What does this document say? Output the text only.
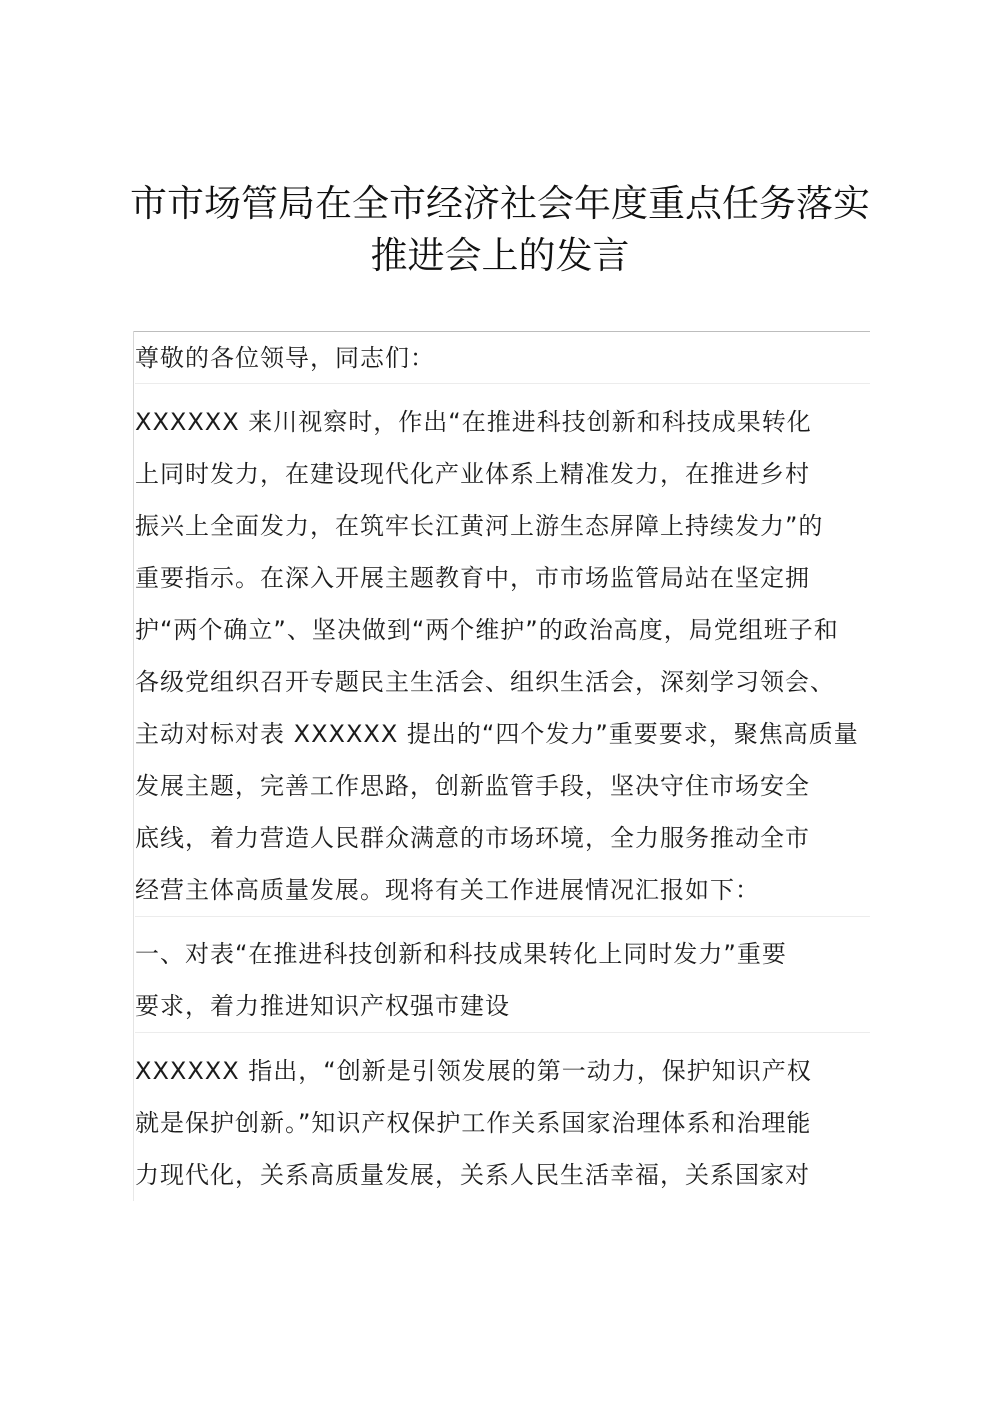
市市场管局在全市经济社会年度重点任务落实
推进会上的发言
尊敬的各位领导，同志们：
XXXXXX 来川视察时，作出“在推进科技创新和科技成果转化
上同时发力，在建设现代化产业体系上精准发力，在推进乡村
振兴上全面发力，在筑牢长江黄河上游生态屏障上持续发力”的
重要指示。在深入开展主题教育中，市市场监管局站在坚定拥
护“两个确立”、坚决做到“两个维护”的政治高度，局党组班子和
各级党组织召开专题民主生活会、组织生活会，深刻学习领会、
主动对标对表 XXXXXX 提出的“四个发力”重要要求，聚焦高质量
发展主题，完善工作思路，创新监管手段，坚决守住市场安全
底线，着力营造人民群众满意的市场环境，全力服务推动全市
经营主体高质量发展。现将有关工作进展情况汇报如下：
一、对表“在推进科技创新和科技成果转化上同时发力”重要
要求，着力推进知识产权强市建设
XXXXXX 指出，“创新是引领发展的第一动力，保护知识产权
就是保护创新。”知识产权保护工作关系国家治理体系和治理能
力现代化，关系高质量发展，关系人民生活幸福，关系国家对
